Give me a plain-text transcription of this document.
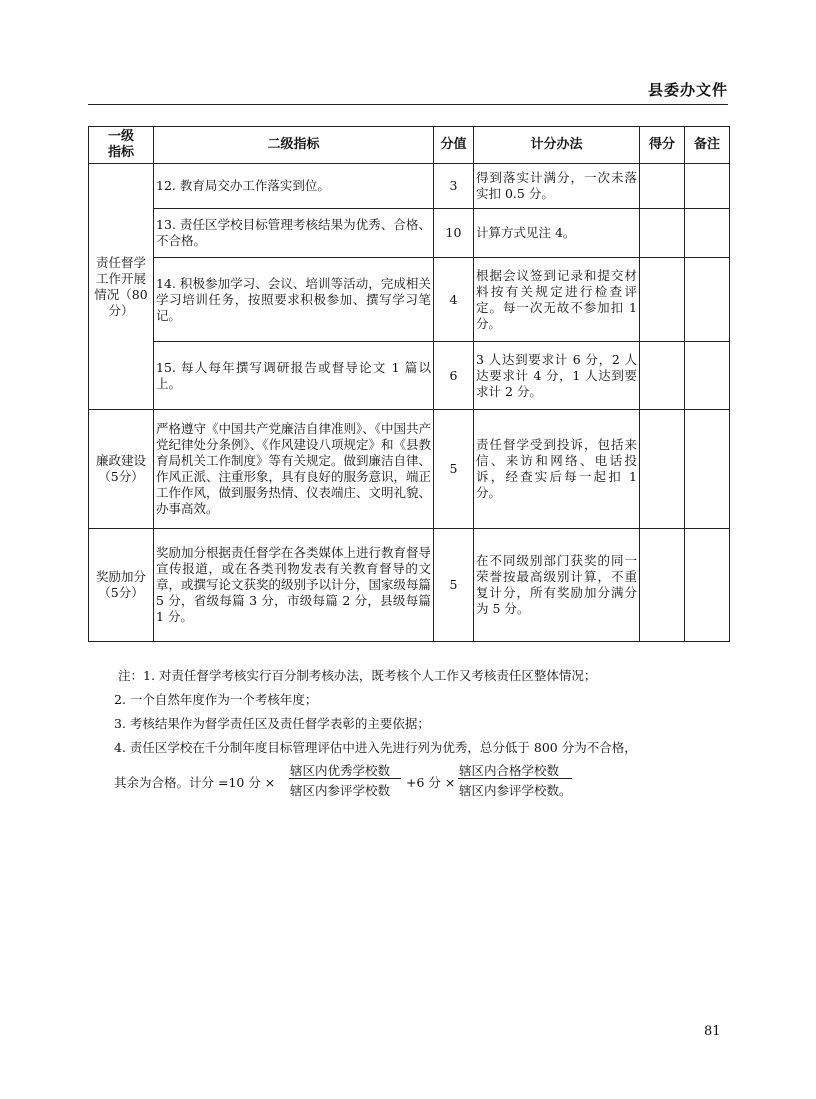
县委办文件
一级
指标	二级指标	分值	计分办法	得分	备注
责任督学工作开展情况（80分）	12. 教育局交办工作落实到位。	3	得到落实计满分，一次未落实扣 0.5 分。		
	13. 责任区学校目标管理考核结果为优秀、合格、不合格。	10	计算方式见注 4。		
	14. 积极参加学习、会议、培训等活动，完成相关学习培训任务，按照要求积极参加、撰写学习笔记。	4	根据会议签到记录和提交材料按有关规定进行检查评定。每一次无故不参加扣 1 分。		
	15. 每人每年撰写调研报告或督导论文 1 篇以上。	6	3 人达到要求计 6 分，2 人达要求计 4 分，1 人达到要求计 2 分。		
廉政建设（5分）	严格遵守《中国共产党廉洁自律准则》、《中国共产党纪律处分条例》、《作风建设八项规定》和《县教育局机关工作制度》等有关规定。做到廉洁自律、作风正派、注重形象，具有良好的服务意识，端正工作作风，做到服务热情、仪表端庄、文明礼貌、办事高效。	5	责任督学受到投诉，包括来信、来访和网络、电话投诉，经查实后每一起扣 1 分。		
奖励加分（5分）	奖励加分根据责任督学在各类媒体上进行教育督导宣传报道，或在各类刊物发表有关教育督导的文章，或撰写论文获奖的级别予以计分，国家级每篇 5 分，省级每篇 3 分，市级每篇 2 分，县级每篇 1 分。	5	在不同级别部门获奖的同一荣誉按最高级别计算，不重复计分，所有奖励加分满分为 5 分。		
注：1. 对责任督学考核实行百分制考核办法，既考核个人工作又考核责任区整体情况；
2. 一个自然年度作为一个考核年度；
3. 考核结果作为督学责任区及责任督学表彰的主要依据；
4. 责任区学校在千分制年度目标管理评估中进入先进行列为优秀，总分低于 800 分为不合格，
其余为合格。计分 =10 分 ×
辖区内优秀学校数
辖区内参评学校数
+6 分 ×
辖区内合格学校数
辖区内参评学校数。
81
